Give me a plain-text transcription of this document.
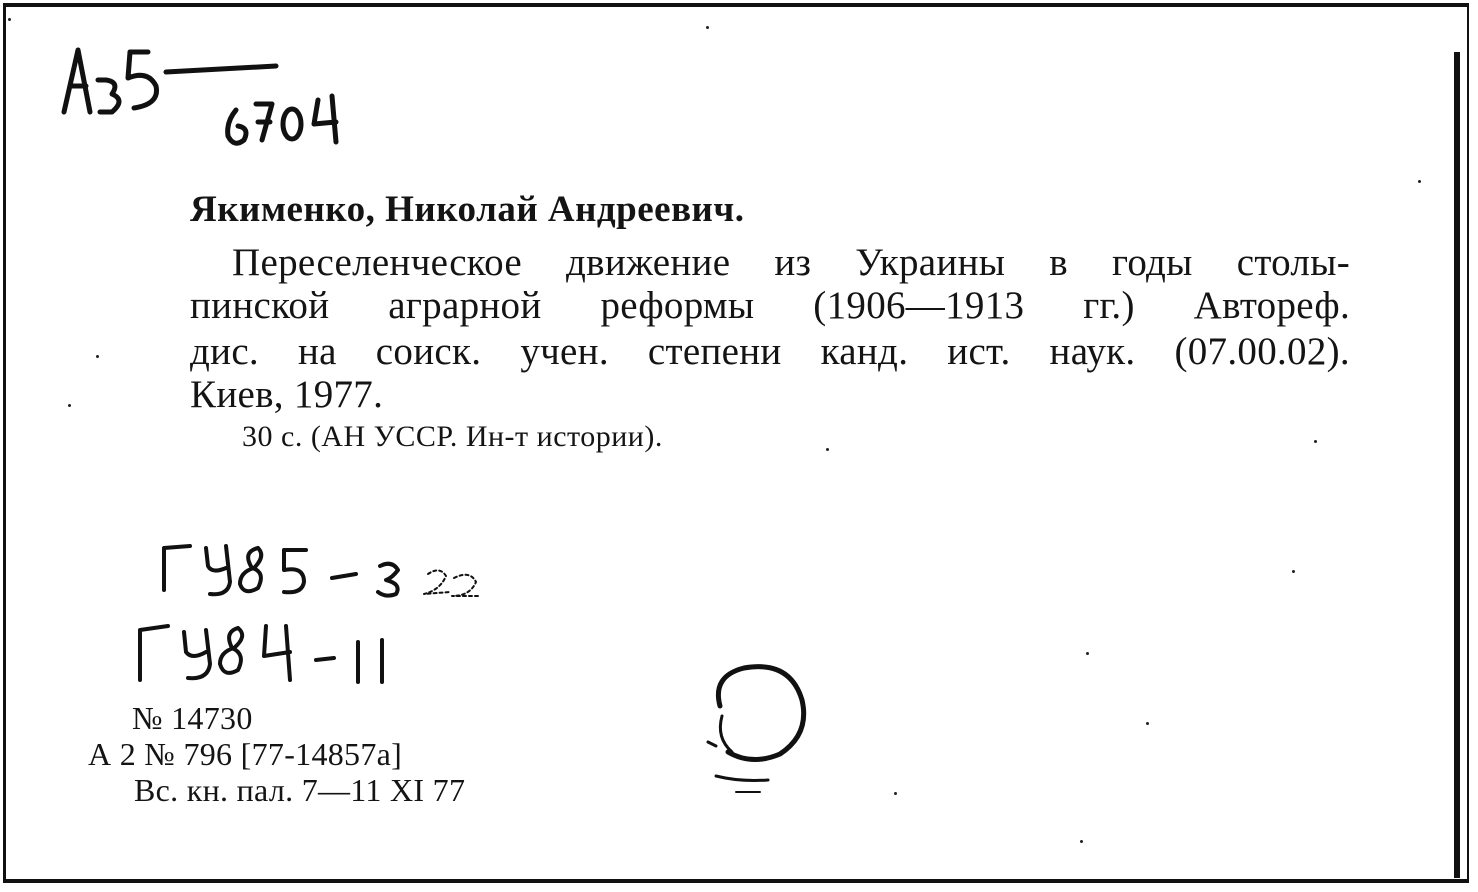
Якименко, Николай Андреевич.
Переселенческое движение из Украины в годы столы-
пинской аграрной реформы (1906—1913 гг.) Автореф.
дис. на соиск. учен. степени канд. ист. наук. (07.00.02).
Киев, 1977.
30 с. (АН УССР. Ин-т истории).
№ 14730
А 2 № 796 [77-14857а]
Вс. кн. пал. 7—11 XI 77
